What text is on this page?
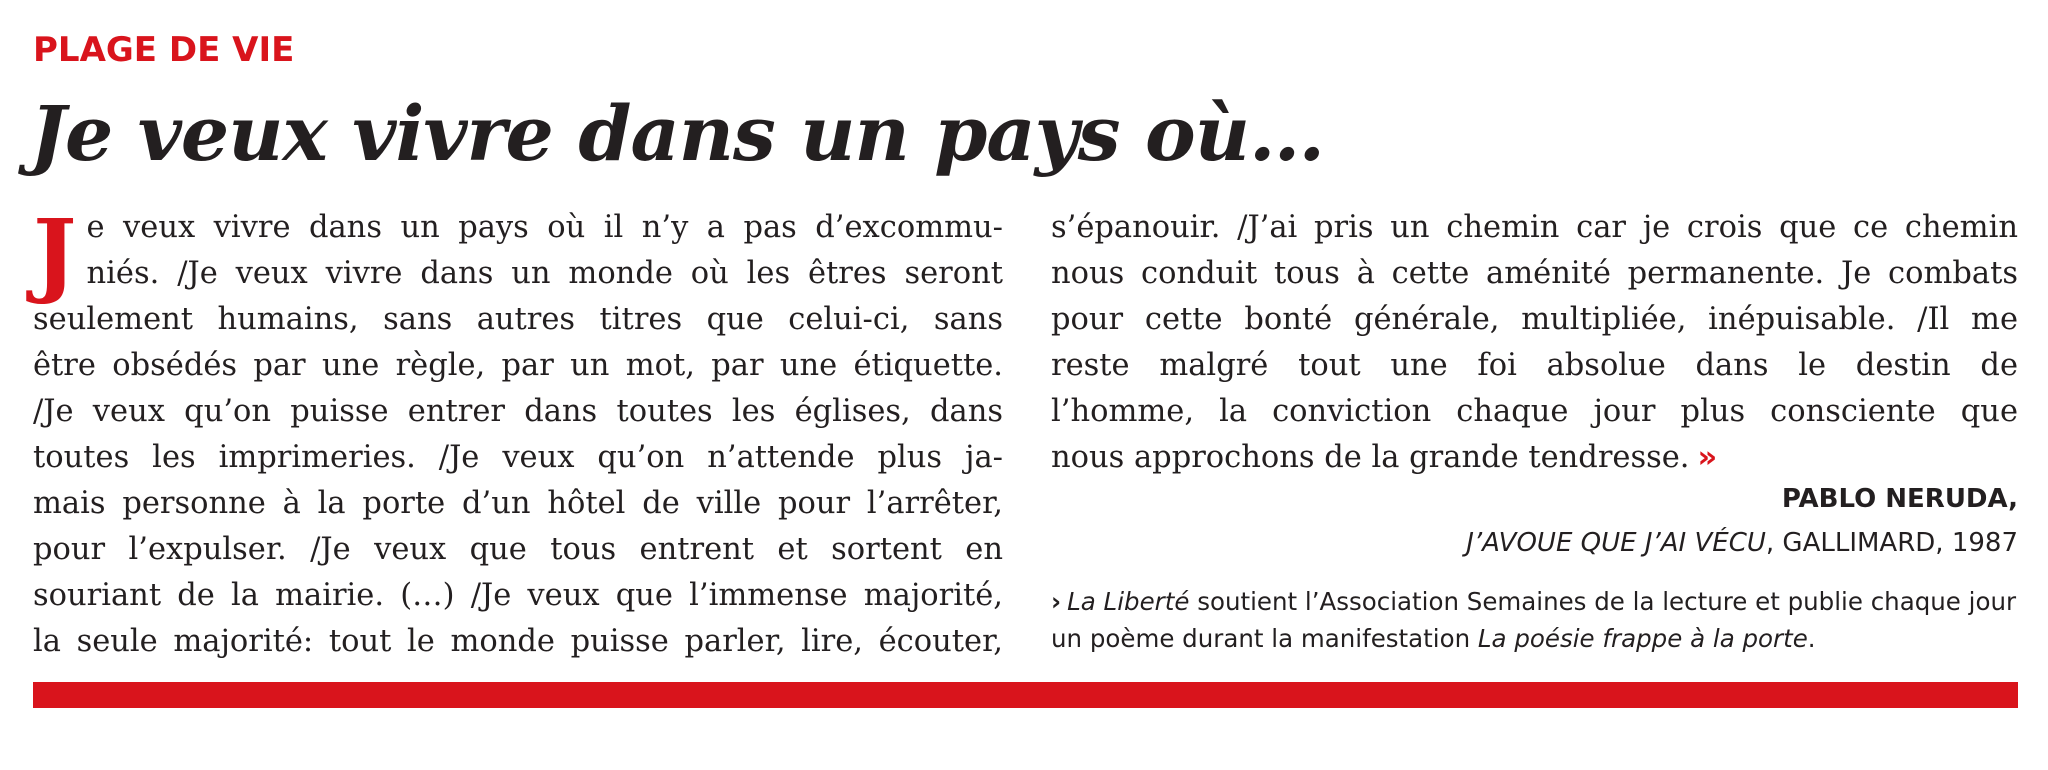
PLAGE DE VIE
Je veux vivre dans un pays où…
J e veux vivre dans un pays où il n’y a pas d’excommu-
niés. /Je veux vivre dans un monde où les êtres seront
seulement humains, sans autres titres que celui-ci, sans
être obsédés par une règle, par un mot, par une étiquette.
/Je veux qu’on puisse entrer dans toutes les églises, dans
toutes les imprimeries. /Je veux qu’on n’attende plus ja-
mais personne à la porte d’un hôtel de ville pour l’arrêter,
pour l’expulser. /Je veux que tous entrent et sortent en
souriant de la mairie. (…) /Je veux que l’immense majorité,
la seule majorité: tout le monde puisse parler, lire, écouter,
s’épanouir. /J’ai pris un chemin car je crois que ce chemin
nous conduit tous à cette aménité permanente. Je combats
pour cette bonté générale, multipliée, inépuisable. /Il me
reste malgré tout une foi absolue dans le destin de
l’homme, la conviction chaque jour plus consciente que
nous approchons de la grande tendresse. »
PABLO NERUDA,
J’AVOUE QUE J’AI VÉCU, GALLIMARD, 1987
› La Liberté soutient l’Association Semaines de la lecture et publie chaque jour un poème durant la manifestation La poésie frappe à la porte.
